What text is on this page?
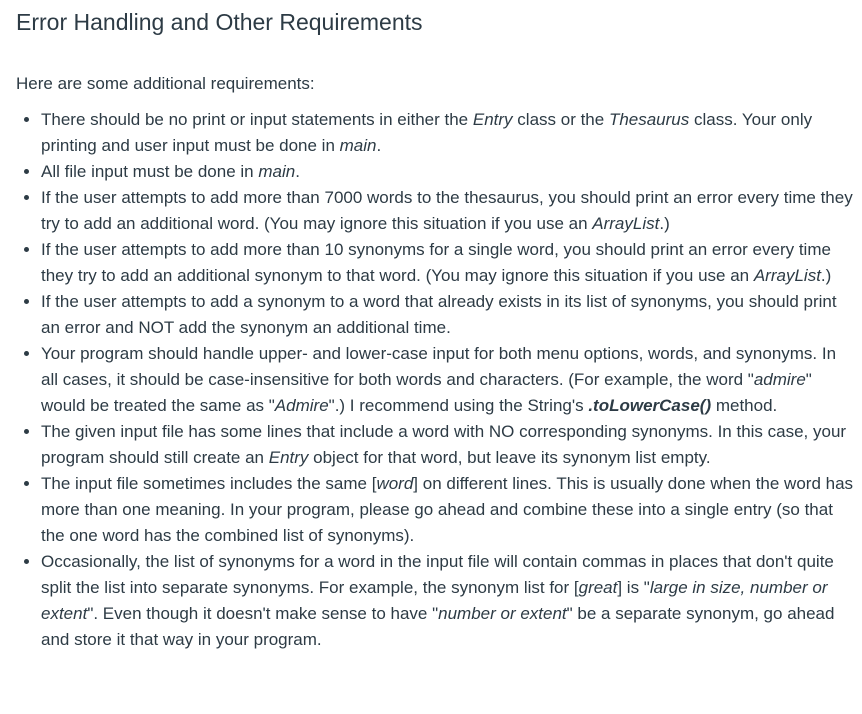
Error Handling and Other Requirements

Here are some additional requirements:

• There should be no print or input statements in either the Entry class or the Thesaurus class. Your only printing and user input must be done in main.
• All file input must be done in main.
• If the user attempts to add more than 7000 words to the thesaurus, you should print an error every time they try to add an additional word. (You may ignore this situation if you use an ArrayList.)
• If the user attempts to add more than 10 synonyms for a single word, you should print an error every time they try to add an additional synonym to that word. (You may ignore this situation if you use an ArrayList.)
• If the user attempts to add a synonym to a word that already exists in its list of synonyms, you should print an error and NOT add the synonym an additional time.
• Your program should handle upper- and lower-case input for both menu options, words, and synonyms. In all cases, it should be case-insensitive for both words and characters. (For example, the word "admire" would be treated the same as "Admire".) I recommend using the String's .toLowerCase() method.
• The given input file has some lines that include a word with NO corresponding synonyms. In this case, your program should still create an Entry object for that word, but leave its synonym list empty.
• The input file sometimes includes the same [word] on different lines. This is usually done when the word has more than one meaning. In your program, please go ahead and combine these into a single entry (so that the one word has the combined list of synonyms).
• Occasionally, the list of synonyms for a word in the input file will contain commas in places that don't quite split the list into separate synonyms. For example, the synonym list for [great] is "large in size, number or extent". Even though it doesn't make sense to have "number or extent" be a separate synonym, go ahead and store it that way in your program.
